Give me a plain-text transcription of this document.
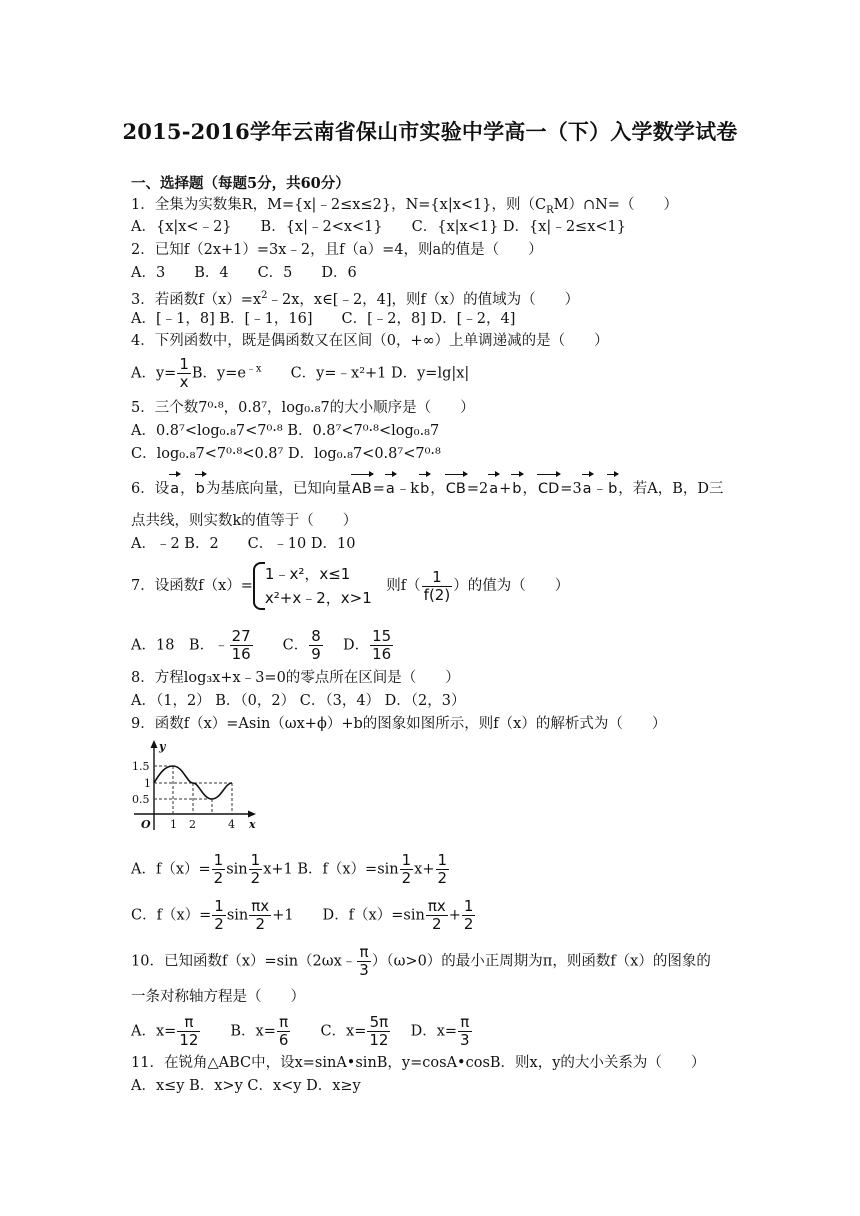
2015-2016学年云南省保山市实验中学高一（下）入学数学试卷
一、选择题（每题5分，共60分）
1．全集为实数集R，M={x|﹣2≤x≤2}，N={x|x<1}，则$(C_RM)\cap N=$（　　）
A．{x|x<﹣2}　　B．{x|﹣2<x<1}　　C．{x|x<1} D．{x|﹣2≤x<1}
2．已知f（2x+1）=3x﹣2，且f（a）=4，则a的值是（　　）
A．3　　B．4　　C．5　　D．6
3．若函数$f(x)=x^2﹣2x$，x∈[﹣2，4]，则f（x）的值域为（　　）
A．[﹣1，8] B．[﹣1，16]　　C．[﹣2，8] D．[﹣2，4]
4．下列函数中，既是偶函数又在区间（0，+∞）上单调递减的是（　　）
A．$y= \frac{1}{x}$ B．$y=e^{﹣x}$　　 C．y=﹣x²+1 D．y=lg|x|
5．三个数7⁰·⁸，0.8⁷，log₀.₈7的大小顺序是（　　）
A．0.8⁷<log₀.₈7<7⁰·⁸ B．0.8⁷<7⁰·⁸<log₀.₈7
C．log₀.₈7<7⁰·⁸<0.8⁷ D．log₀.₈7<0.8⁷<7⁰·⁸
6．设a，b为基底向量，已知向量AB=a﹣kb，CB=2a+b，CD=3a﹣b，若A，B，D三
点共线，则实数k的值等于（　　）
A．﹣2 B．2　　C．﹣10 D．10
7．设函数f（x）=
1﹣x²，x≤1
x²+x﹣2，x>1
　则$f( \frac{1}{f(2)}$ ）的值为（　　）
A．18　B．﹣ $\frac{27}{16}$
　　 C． $\frac{8}{9}$
　 D． $\frac{15}{16}$
8．方程log₃x+x﹣3=0的零点所在区间是（　　）
A．（1，2） B．（0，2） C．（3，4） D．（2，3）
9．函数f（x）=Asin（ωx+ϕ）+b的图象如图所示，则f（x）的解析式为（　　）
y
x
O
1.5
1
0.5
1 2	4
A．$f(x)= \frac{1}{2}$ $\sin \frac{1}{2} x+1$ B．$f(x)=\sin \frac{1}{2} x+ \frac{1}{2}$
C．$f(x)= \frac{1}{2}$ $\sin \frac{\pi x}{2} +1$　　D．$f(x)=\sin \frac{\pi x}{2} + \frac{1}{2}$
10．已知函数f（x）=sin（2ωx﹣ $\frac{\pi}{3} )(\omega>0)$的最小正周期为π，则函数f（x）的图象的
一条对称轴方程是（　　）
A．$x= \frac{\pi}{12}$
　　 B．$x= \frac{\pi}{6}$
　　 C．$x= \frac{5\pi}{12}$
　 D．$x= \frac{\pi}{3}$
11．在锐角△ABC中，设x=sinA•sinB，y=cosA•cosB．则x，y的大小关系为（　　）
A．x≤y B．x>y C．x<y D．x≥y
